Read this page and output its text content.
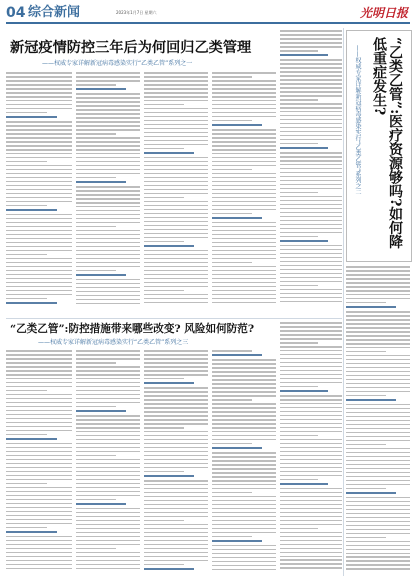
04 综合新闻	2023年1月7日 星期六	光明日报
新冠疫情防控三年后为何回归乙类管理
——权威专家详解新冠病毒感染实行“乙类乙管”系列之一
“乙类乙管”:防控措施带来哪些改变? 风险如何防范?
——权威专家详解新冠病毒感染实行“乙类乙管”系列之三
“乙类乙管”:医疗资源够吗?如何降低重症发生?
——权威专家详解新冠病毒感染实行“乙类乙管”系列之二
